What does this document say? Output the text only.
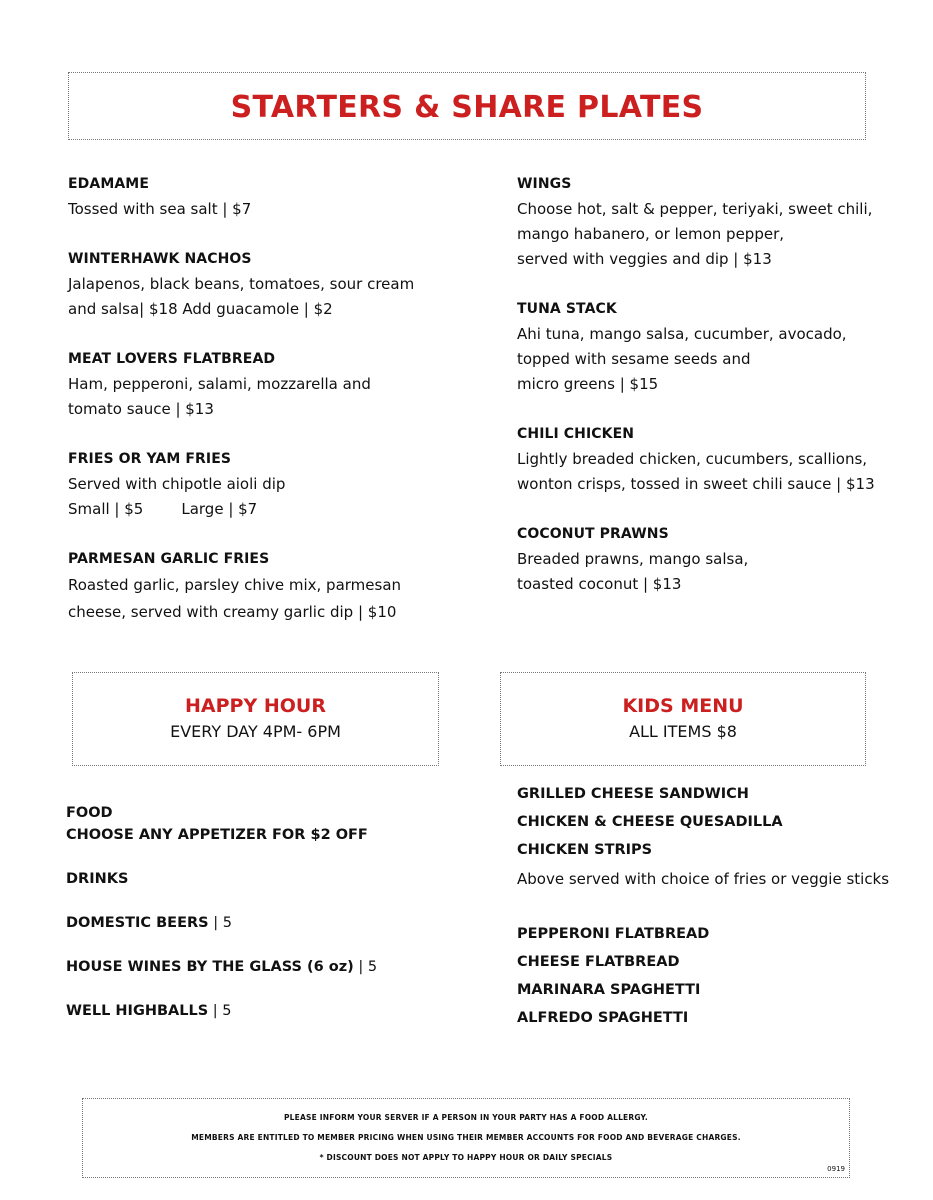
STARTERS & SHARE PLATES
EDAMAME
Tossed with sea salt | $7
WINTERHAWK NACHOS
Jalapenos, black beans, tomatoes, sour cream
and salsa| $18 Add guacamole | $2
MEAT LOVERS FLATBREAD
Ham, pepperoni, salami, mozzarella and
tomato sauce | $13
FRIES OR YAM FRIES
Served with chipotle aioli dip
Small | $5	Large | $7
PARMESAN GARLIC FRIES
Roasted garlic, parsley chive mix, parmesan
cheese, served with creamy garlic dip | $10
WINGS
Choose hot, salt & pepper, teriyaki, sweet chili,
mango habanero, or lemon pepper,
served with veggies and dip | $13
TUNA STACK
Ahi tuna, mango salsa, cucumber, avocado,
topped with sesame seeds and
micro greens | $15
CHILI CHICKEN
Lightly breaded chicken, cucumbers, scallions,
wonton crisps, tossed in sweet chili sauce | $13
COCONUT PRAWNS
Breaded prawns, mango salsa,
toasted coconut | $13
HAPPY HOUR
EVERY DAY 4PM- 6PM
KIDS MENU
ALL ITEMS $8
FOOD
CHOOSE ANY APPETIZER FOR $2 OFF
DRINKS
DOMESTIC BEERS | 5
HOUSE WINES BY THE GLASS (6 oz) | 5
WELL HIGHBALLS | 5
GRILLED CHEESE SANDWICH
CHICKEN & CHEESE QUESADILLA
CHICKEN STRIPS
Above served with choice of fries or veggie sticks
PEPPERONI FLATBREAD
CHEESE FLATBREAD
MARINARA SPAGHETTI
ALFREDO SPAGHETTI
PLEASE INFORM YOUR SERVER IF A PERSON IN YOUR PARTY HAS A FOOD ALLERGY.
MEMBERS ARE ENTITLED TO MEMBER PRICING WHEN USING THEIR MEMBER ACCOUNTS FOR FOOD AND BEVERAGE CHARGES.
* DISCOUNT DOES NOT APPLY TO HAPPY HOUR OR DAILY SPECIALS
0919
